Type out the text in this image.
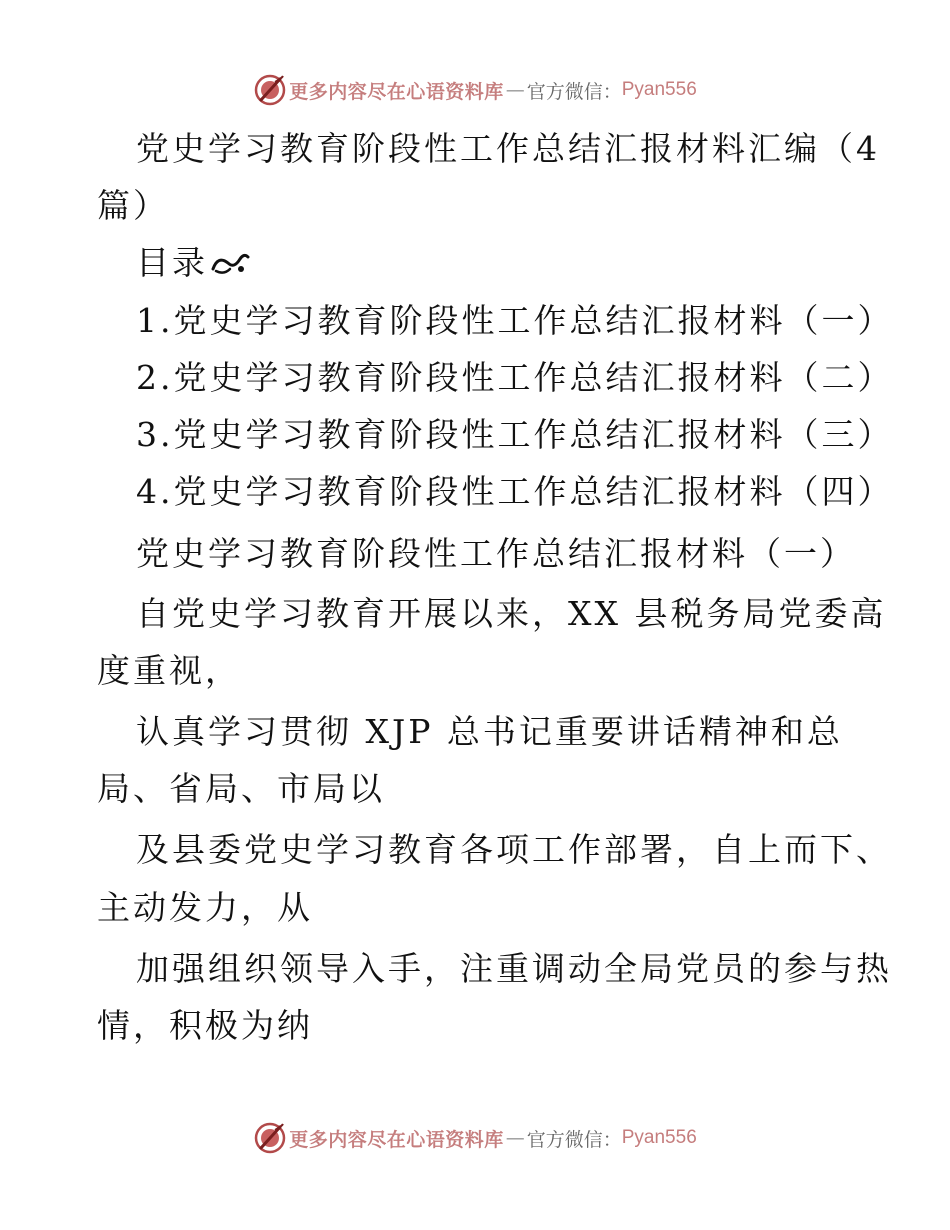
更多内容尽在心语资料库 — 官方微信： Pyan556
党史学习教育阶段性工作总结汇报材料汇编（4
篇）
目录
1.党史学习教育阶段性工作总结汇报材料（一）
2.党史学习教育阶段性工作总结汇报材料（二）
3.党史学习教育阶段性工作总结汇报材料（三）
4.党史学习教育阶段性工作总结汇报材料（四）
党史学习教育阶段性工作总结汇报材料（一）
自党史学习教育开展以来，XX 县税务局党委高
度重视，
认真学习贯彻 XJP 总书记重要讲话精神和总
局、省局、市局以
及县委党史学习教育各项工作部署，自上而下、
主动发力，从
加强组织领导入手，注重调动全局党员的参与热
情，积极为纳
更多内容尽在心语资料库 — 官方微信： Pyan556
